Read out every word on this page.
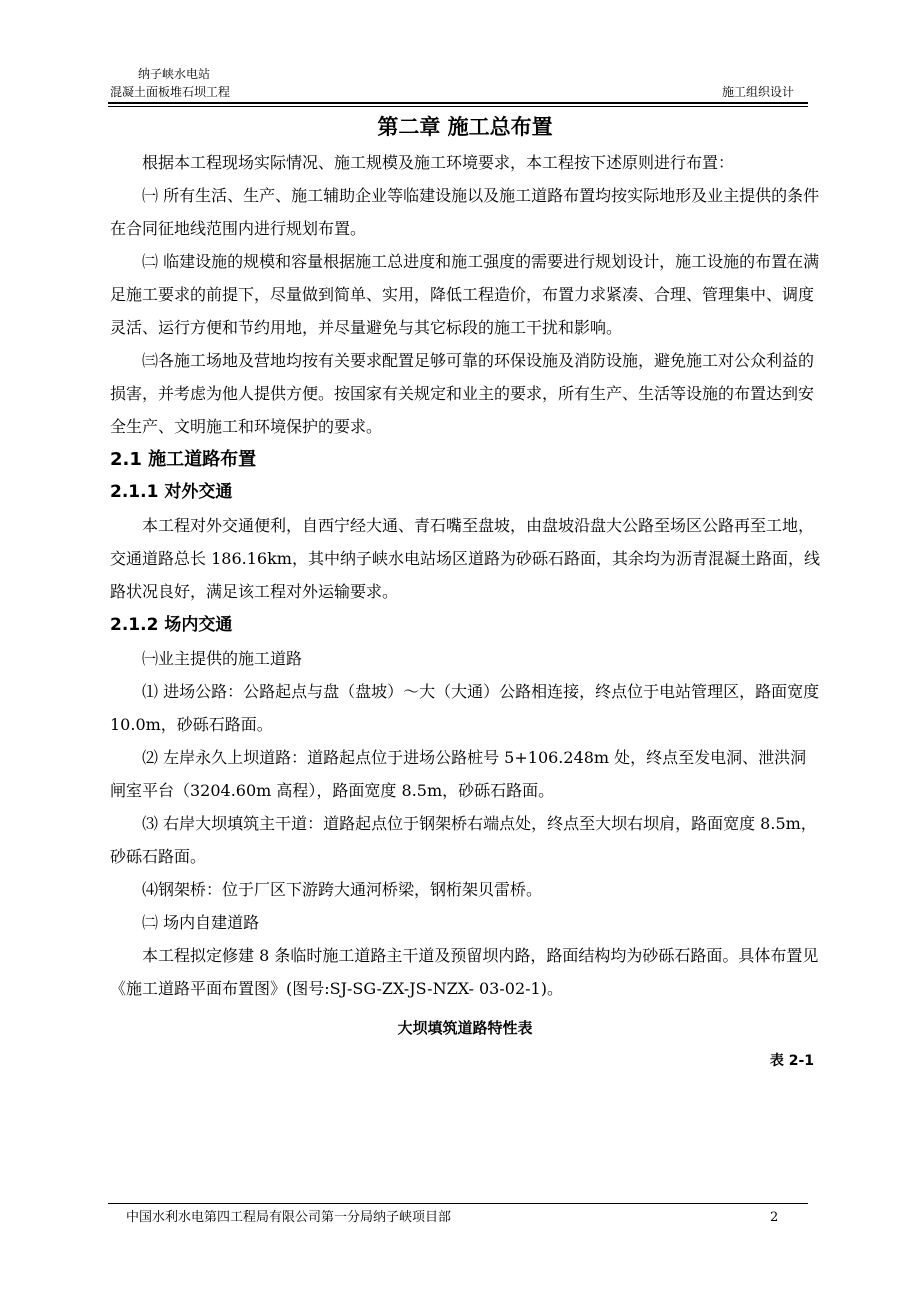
纳子峡水电站
混凝土面板堆石坝工程	施工组织设计
第二章 施工总布置

根据本工程现场实际情况、施工规模及施工环境要求，本工程按下述原则进行布置：

㈠ 所有生活、生产、施工辅助企业等临建设施以及施工道路布置均按实际地形及业主提供的条件在合同征地线范围内进行规划布置。

㈡ 临建设施的规模和容量根据施工总进度和施工强度的需要进行规划设计，施工设施的布置在满足施工要求的前提下，尽量做到简单、实用，降低工程造价，布置力求紧凑、合理、管理集中、调度灵活、运行方便和节约用地，并尽量避免与其它标段的施工干扰和影响。

㈢各施工场地及营地均按有关要求配置足够可靠的环保设施及消防设施，避免施工对公众利益的损害，并考虑为他人提供方便。按国家有关规定和业主的要求，所有生产、生活等设施的布置达到安全生产、文明施工和环境保护的要求。

2.1 施工道路布置
2.1.1 对外交通

本工程对外交通便利，自西宁经大通、青石嘴至盘坡，由盘坡沿盘大公路至场区公路再至工地，交通道路总长 186.16km，其中纳子峡水电站场区道路为砂砾石路面，其余均为沥青混凝土路面，线路状况良好，满足该工程对外运输要求。

2.1.2 场内交通

㈠业主提供的施工道路

⑴ 进场公路：公路起点与盘（盘坡）～大（大通）公路相连接，终点位于电站管理区，路面宽度 10.0m，砂砾石路面。

⑵ 左岸永久上坝道路：道路起点位于进场公路桩号 5+106.248m 处，终点至发电洞、泄洪洞闸室平台（3204.60m 高程），路面宽度 8.5m，砂砾石路面。

⑶ 右岸大坝填筑主干道：道路起点位于钢架桥右端点处，终点至大坝右坝肩，路面宽度 8.5m，砂砾石路面。

⑷钢架桥：位于厂区下游跨大通河桥梁，钢桁架贝雷桥。

㈡ 场内自建道路

本工程拟定修建 8 条临时施工道路主干道及预留坝内路，路面结构均为砂砾石路面。具体布置见《施工道路平面布置图》(图号:SJ-SG-ZX-JS-NZX- 03-02-1)。

大坝填筑道路特性表
表 2-1
中国水利水电第四工程局有限公司第一分局纳子峡项目部	2
